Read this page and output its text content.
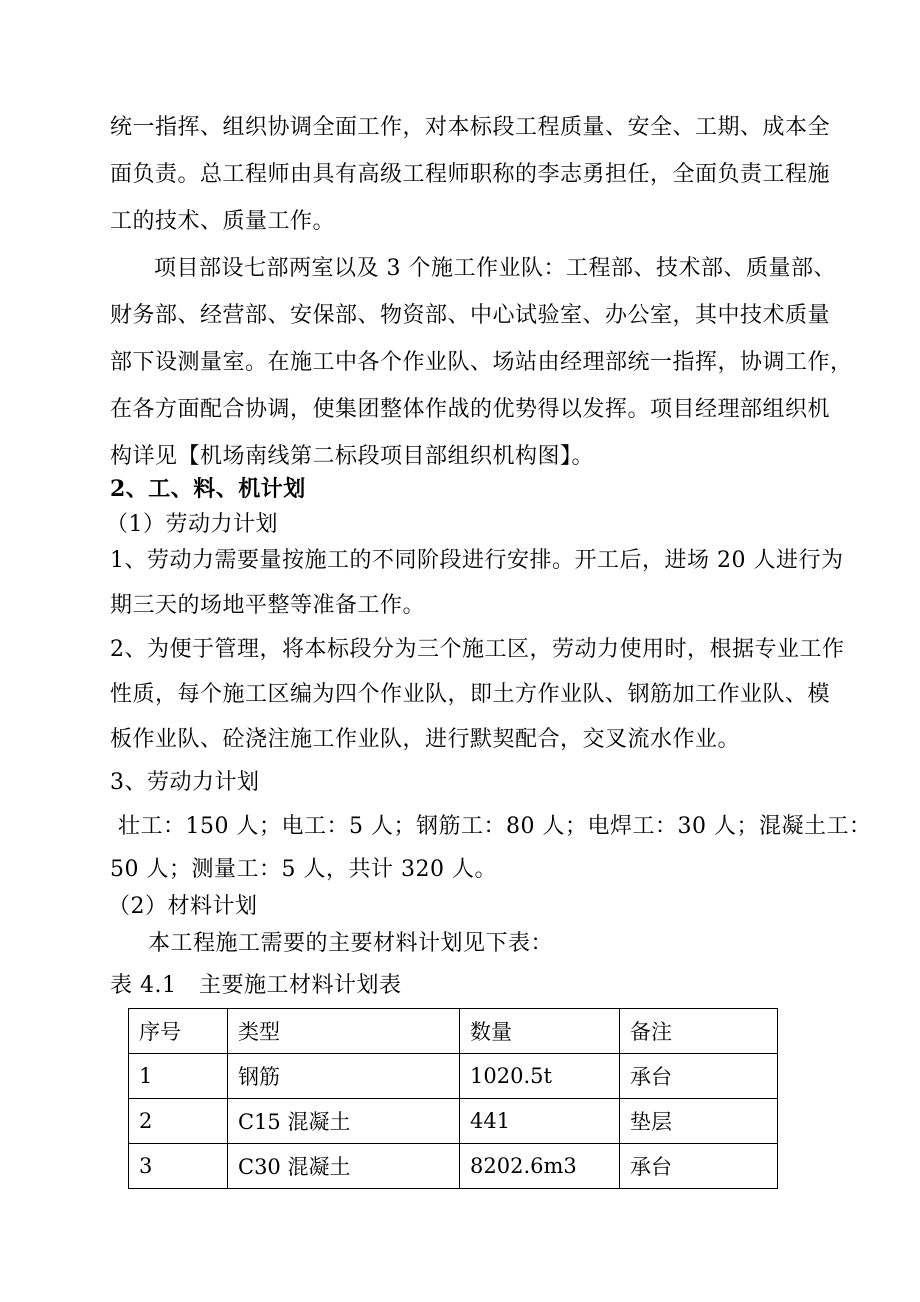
统一指挥、组织协调全面工作，对本标段工程质量、安全、工期、成本全
面负责。总工程师由具有高级工程师职称的李志勇担任，全面负责工程施
工的技术、质量工作。
项目部设七部两室以及 3 个施工作业队：工程部、技术部、质量部、
财务部、经营部、安保部、物资部、中心试验室、办公室，其中技术质量
部下设测量室。在施工中各个作业队、场站由经理部统一指挥，协调工作，
在各方面配合协调，使集团整体作战的优势得以发挥。项目经理部组织机
构详见【机场南线第二标段项目部组织机构图】。
2、工、料、机计划
（1）劳动力计划
1、劳动力需要量按施工的不同阶段进行安排。开工后，进场 20 人进行为
期三天的场地平整等准备工作。
2、为便于管理，将本标段分为三个施工区，劳动力使用时，根据专业工作
性质，每个施工区编为四个作业队，即土方作业队、钢筋加工作业队、模
板作业队、砼浇注施工作业队，进行默契配合，交叉流水作业。
3、劳动力计划
壮工：150 人；电工：5 人；钢筋工：80 人；电焊工：30 人；混凝土工：
50 人；测量工：5 人，共计 320 人。
（2）材料计划
本工程施工需要的主要材料计划见下表：
表 4.1　主要施工材料计划表
序号	类型	数量	备注
1	钢筋	1020.5t	承台
2	C15 混凝土	441	垫层
3	C30 混凝土	8202.6m3	承台
